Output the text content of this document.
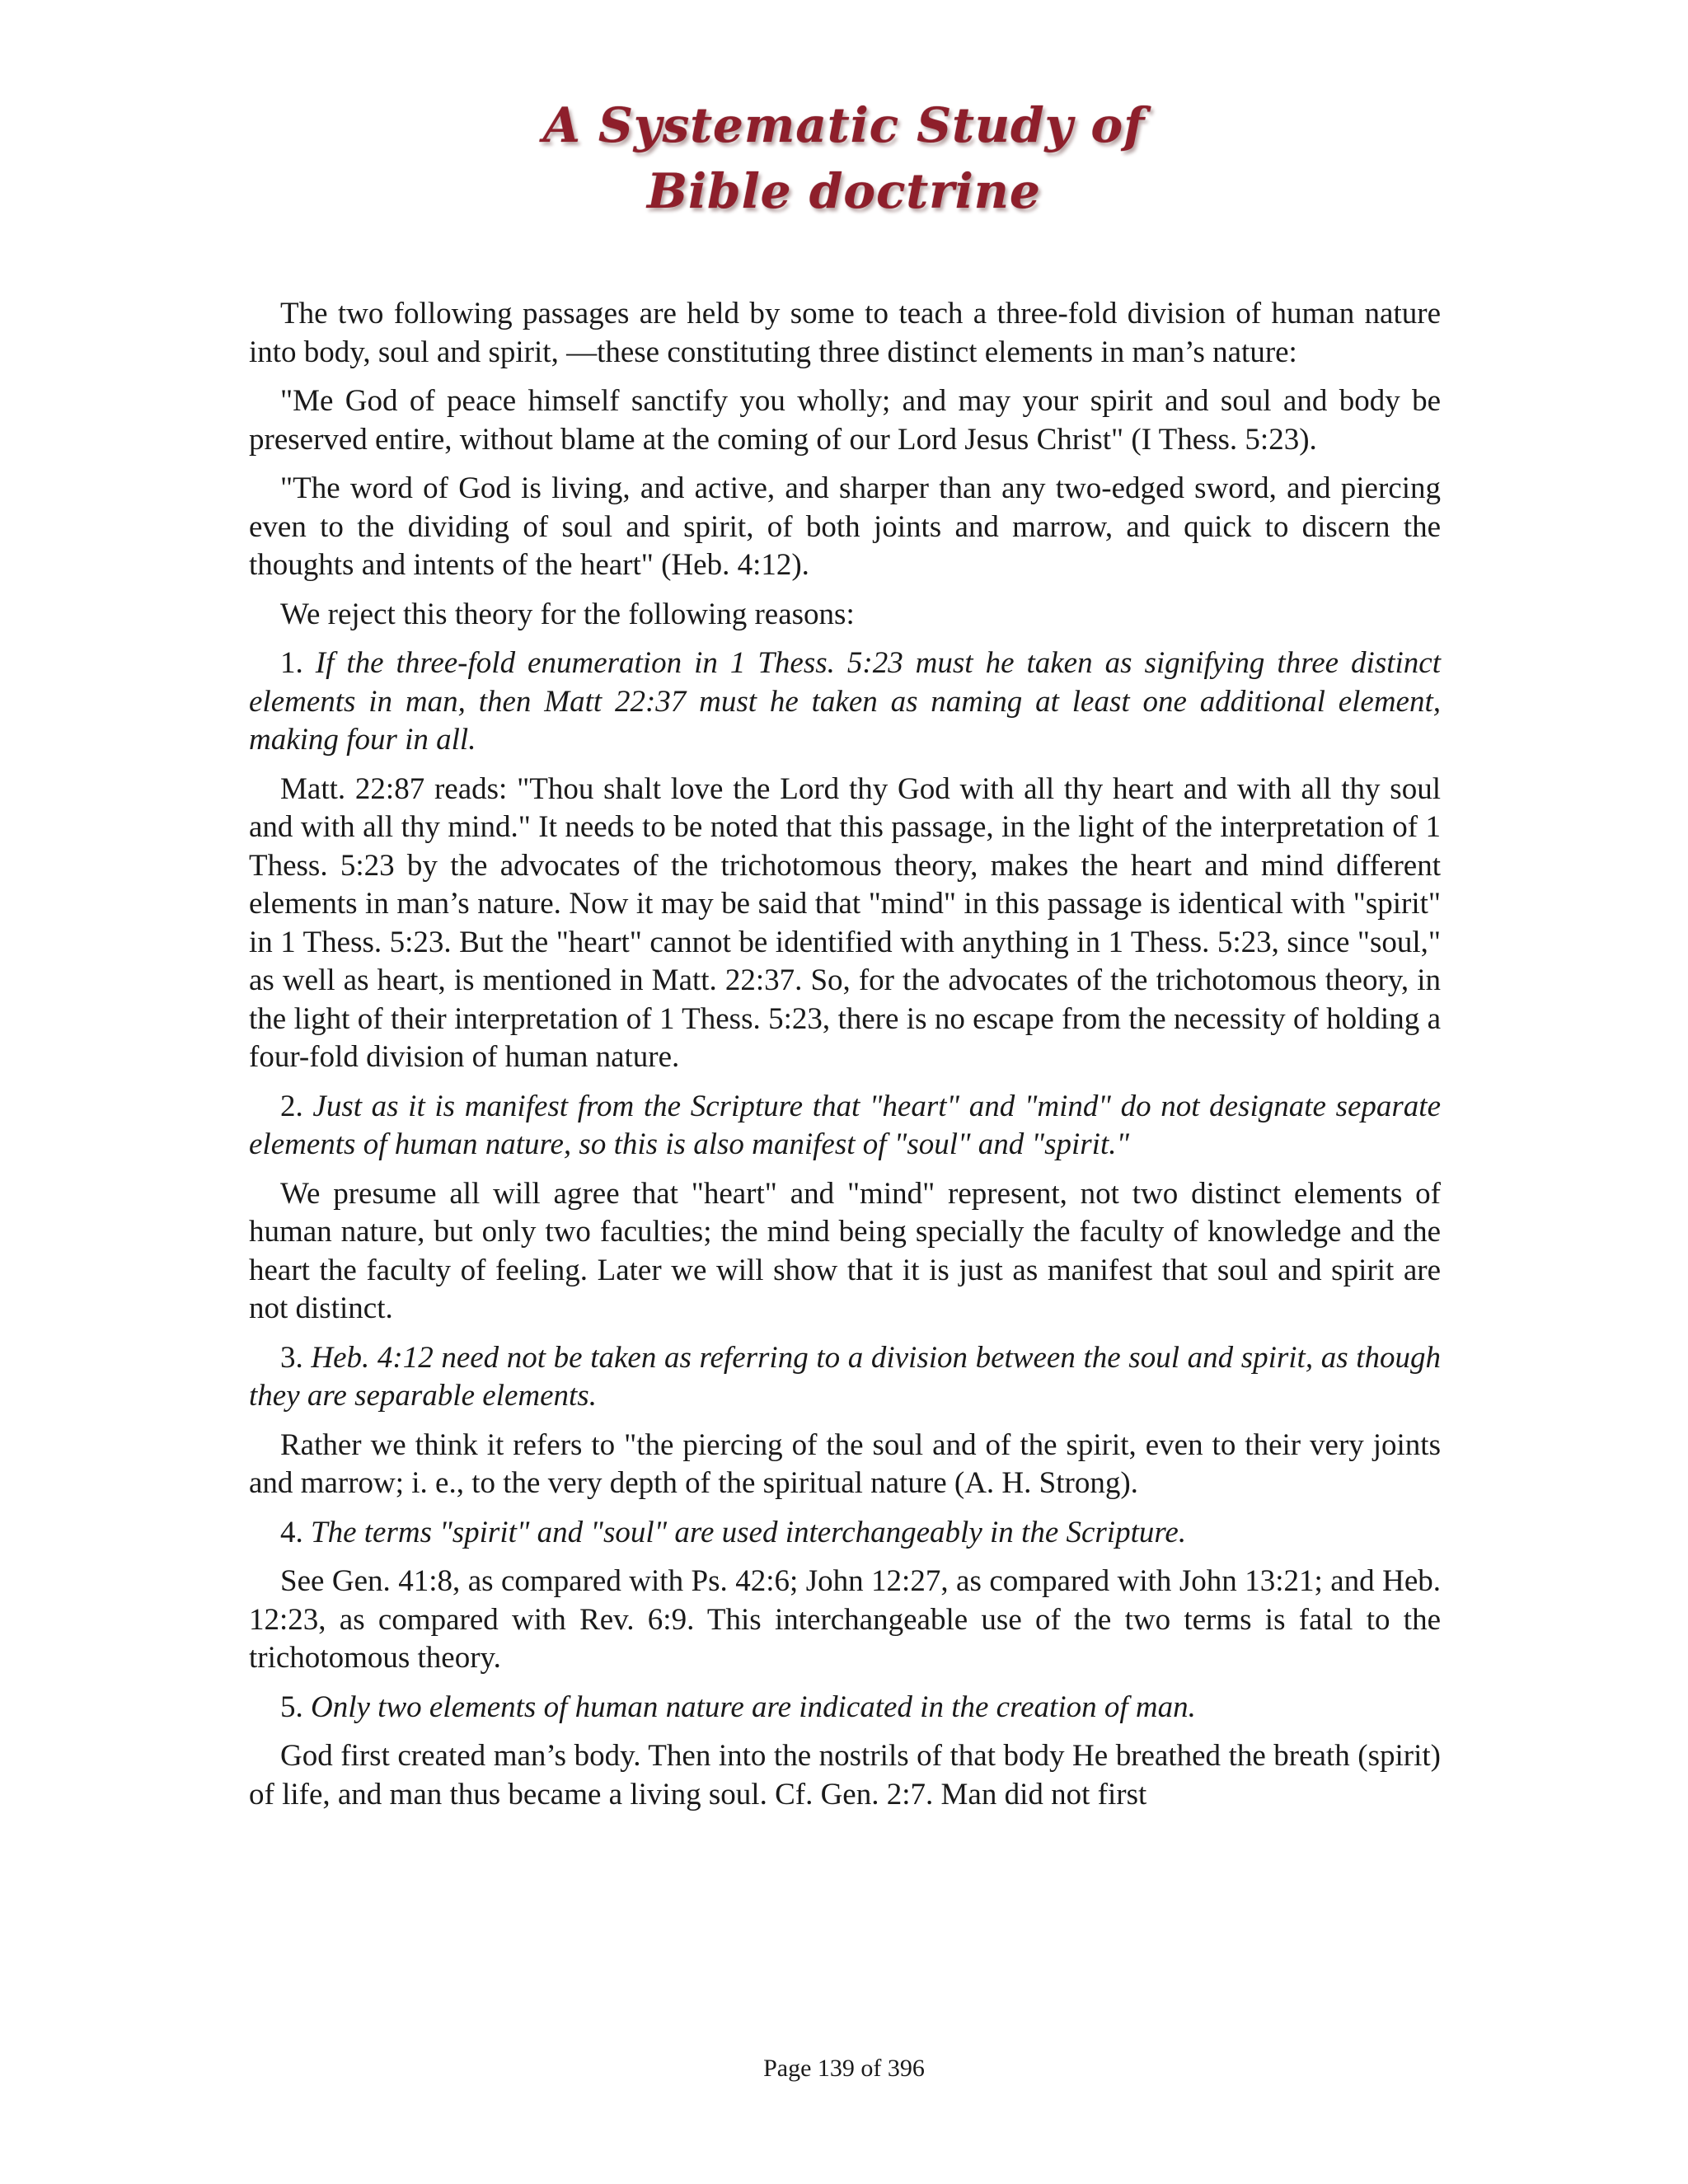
A Systematic Study of
Bible doctrine

The two following passages are held by some to teach a three-fold division of human nature into body, soul and spirit, —these constituting three distinct elements in man’s nature:

"Me God of peace himself sanctify you wholly; and may your spirit and soul and body be preserved entire, without blame at the coming of our Lord Jesus Christ" (I Thess. 5:23).

"The word of God is living, and active, and sharper than any two-edged sword, and piercing even to the dividing of soul and spirit, of both joints and marrow, and quick to discern the thoughts and intents of the heart" (Heb. 4:12).

We reject this theory for the following reasons:

1. If the three-fold enumeration in 1 Thess. 5:23 must he taken as signifying three distinct elements in man, then Matt 22:37 must he taken as naming at least one additional element, making four in all.

Matt. 22:87 reads: "Thou shalt love the Lord thy God with all thy heart and with all thy soul and with all thy mind." It needs to be noted that this passage, in the light of the interpretation of 1 Thess. 5:23 by the advocates of the trichotomous theory, makes the heart and mind different elements in man’s nature. Now it may be said that "mind" in this passage is identical with "spirit" in 1 Thess. 5:23. But the "heart" cannot be identified with anything in 1 Thess. 5:23, since "soul," as well as heart, is mentioned in Matt. 22:37. So, for the advocates of the trichotomous theory, in the light of their interpretation of 1 Thess. 5:23, there is no escape from the necessity of holding a four-fold division of human nature.

2. Just as it is manifest from the Scripture that "heart" and "mind" do not designate separate elements of human nature, so this is also manifest of "soul" and "spirit."

We presume all will agree that "heart" and "mind" represent, not two distinct elements of human nature, but only two faculties; the mind being specially the faculty of knowledge and the heart the faculty of feeling. Later we will show that it is just as manifest that soul and spirit are not distinct.

3. Heb. 4:12 need not be taken as referring to a division between the soul and spirit, as though they are separable elements.

Rather we think it refers to "the piercing of the soul and of the spirit, even to their very joints and marrow; i. e., to the very depth of the spiritual nature (A. H. Strong).

4. The terms "spirit" and "soul" are used interchangeably in the Scripture.

See Gen. 41:8, as compared with Ps. 42:6; John 12:27, as compared with John 13:21; and Heb. 12:23, as compared with Rev. 6:9. This interchangeable use of the two terms is fatal to the trichotomous theory.

5. Only two elements of human nature are indicated in the creation of man.

God first created man’s body. Then into the nostrils of that body He breathed the breath (spirit) of life, and man thus became a living soul. Cf. Gen. 2:7. Man did not first

Page 139 of 396
